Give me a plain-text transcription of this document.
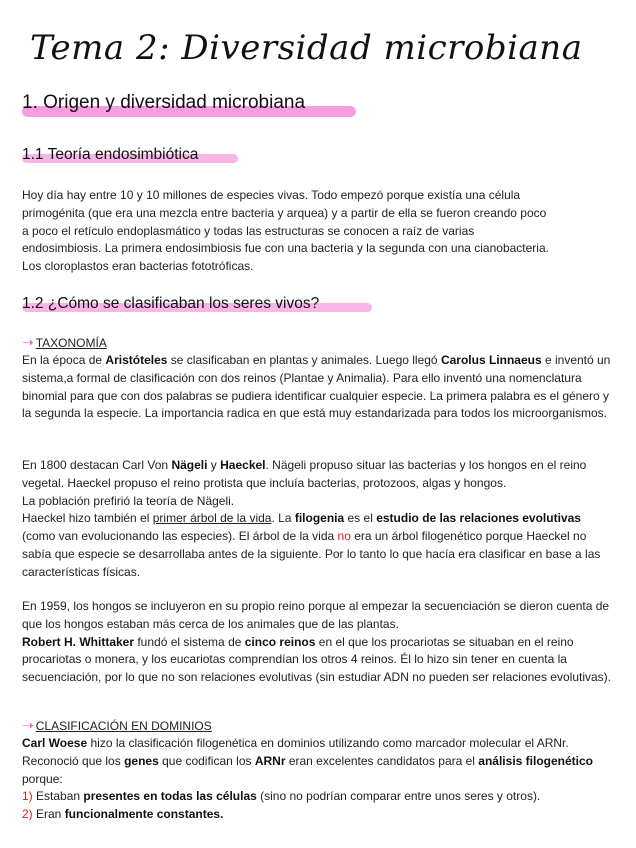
Tema 2: Diversidad microbiana
1. Origen y diversidad microbiana
1.1 Teoría endosimbiótica

Hoy día hay entre 10 y 10 millones de especies vivas. Todo empezó porque existía una célula

primogénita (que era una mezcla entre bacteria y arquea) y a partir de ella se fueron creando poco

a poco el retículo endoplasmático y todas las estructuras se conocen a raíz de varias

endosimbiosis. La primera endosimbiosis fue con una bacteria y la segunda con una cianobacteria.

Los cloroplastos eran bacterias fototróficas.

1.2 ¿Cómo se clasificaban los seres vivos?
➝ TAXONOMÍA

En la época de Aristóteles se clasificaban en plantas y animales. Luego llegó Carolus Linnaeus e inventó un sistema,a formal de clasificación con dos reinos (Plantae y Animalia). Para ello inventó una nomenclatura binomial para que con dos palabras se pudiera identificar cualquier especie. La primera palabra es el género y la segunda la especie. La importancia radica en que está muy estandarizada para todos los microorganismos.

En 1800 destacan Carl Von Nägeli y Haeckel. Nägeli propuso situar las bacterias y los hongos en el reino vegetal. Haeckel propuso el reino protista que incluía bacterias, protozoos, algas y hongos.

La población prefirió la teoría de Nägeli.

Haeckel hizo también el primer árbol de la vida. La filogenia es el estudio de las relaciones evolutivas (como van evolucionando las especies). El árbol de la vida no era un árbol filogenético porque Haeckel no sabía que especie se desarrollaba antes de la siguiente. Por lo tanto lo que hacía era clasificar en base a las características físicas.

En 1959, los hongos se incluyeron en su propio reino porque al empezar la secuenciación se dieron cuenta de que los hongos estaban más cerca de los animales que de las plantas.

Robert H. Whittaker fundó el sistema de cinco reinos en el que los procariotas se situaban en el reino procariotas o monera, y los eucariotas comprendían los otros 4 reinos. Él lo hizo sin tener en cuenta la secuenciación, por lo que no son relaciones evolutivas (sin estudiar ADN no pueden ser relaciones evolutivas).

➝ CLASIFICACIÓN EN DOMINIOS

Carl Woese hizo la clasificación filogenética en dominios utilizando como marcador molecular el ARNr. Reconoció que los genes que codifican los ARNr eran excelentes candidatos para el análisis filogenético porque:

1) Estaban presentes en todas las células (sino no podrían comparar entre unos seres y otros).

2) Eran funcionalmente constantes.
